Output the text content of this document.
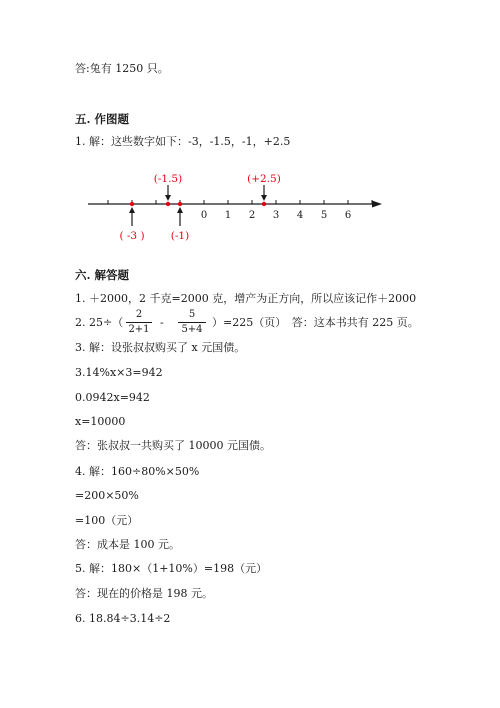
答:兔有 1250 只。
五. 作图题
1. 解：这些数字如下：-3，-1.5，-1，+2.5
0 1 2 3 4 5 6
(-1.5)	(+2.5)
( -3 ) (-1)
六. 解答题
1. ＋2000，2 千克=2000 克，增产为正方向，所以应该记作＋2000
2. 25÷（
2
2+1
-
5
5+4
）=225（页）　答：这本书共有 225 页。
3. 解：设张叔叔购买了 x 元国债。
3.14%x×3=942
0.0942x=942
x=10000
答：张叔叔一共购买了 10000 元国债。
4. 解：160÷80%×50%
=200×50%
=100（元）
答：成本是 100 元。
5. 解：180×（1+10%）=198（元）
答：现在的价格是 198 元。
6. 18.84÷3.14÷2
